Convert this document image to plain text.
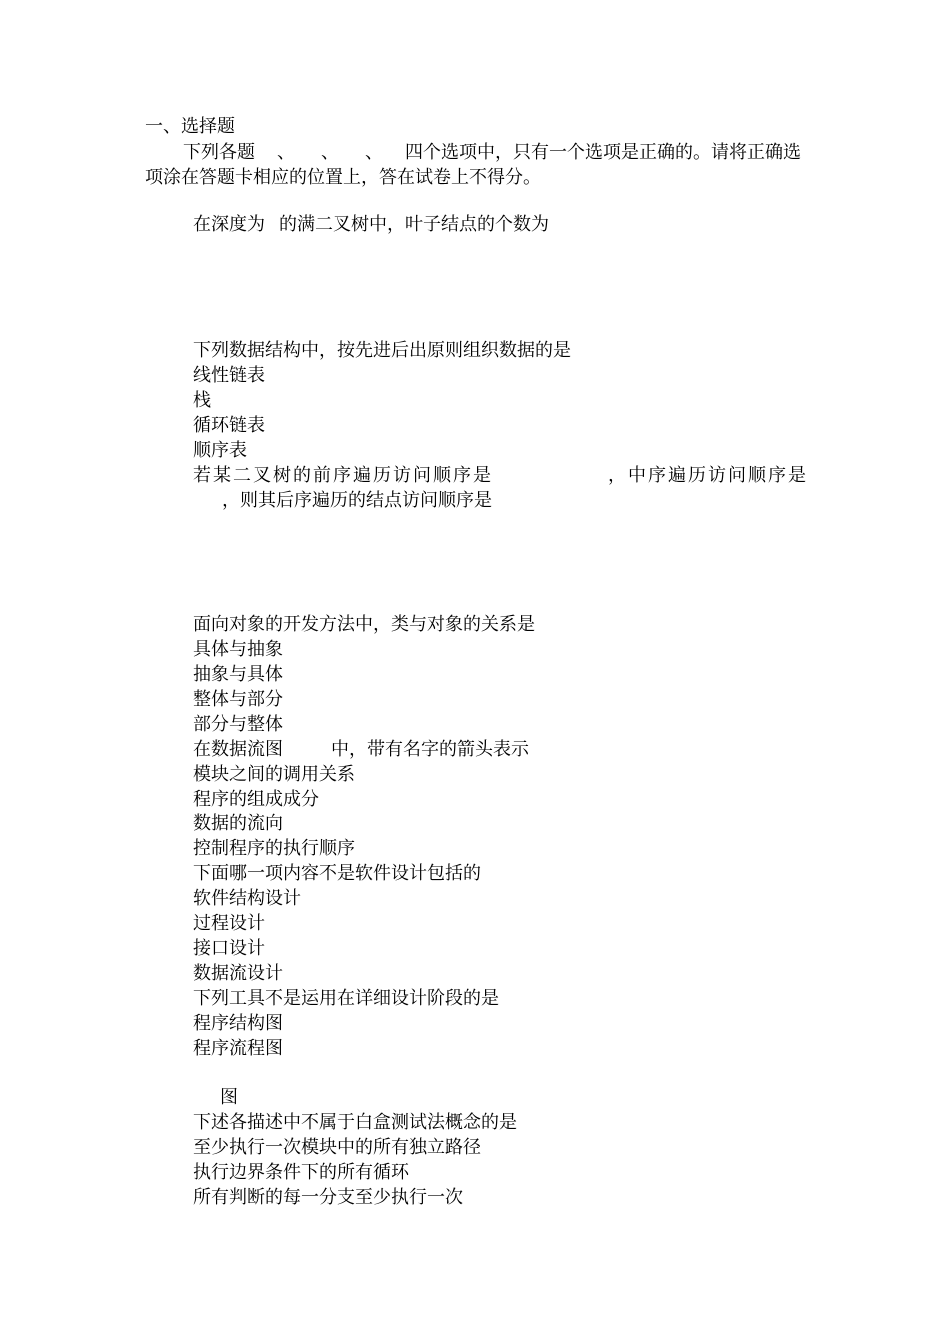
一、选择题
下列各题 、 、 、 四个选项中，只有一个选项是正确的。请将正确选
项涂在答题卡相应的位置上，答在试卷上不得分。
在深度为 的满二叉树中，叶子结点的个数为
下列数据结构中，按先进后出原则组织数据的是
线性链表
栈
循环链表
顺序表
若某二叉树的前序遍历访问顺序是	，中序遍历访问顺序是
，则其后序遍历的结点访问顺序是
面向对象的开发方法中，类与对象的关系是
具体与抽象
抽象与具体
整体与部分
部分与整体
在数据流图	中，带有名字的箭头表示
模块之间的调用关系
程序的组成成分
数据的流向
控制程序的执行顺序
下面哪一项内容不是软件设计包括的
软件结构设计
过程设计
接口设计
数据流设计
下列工具不是运用在详细设计阶段的是
程序结构图
程序流程图
图
下述各描述中不属于白盒测试法概念的是
至少执行一次模块中的所有独立路径
执行边界条件下的所有循环
所有判断的每一分支至少执行一次
